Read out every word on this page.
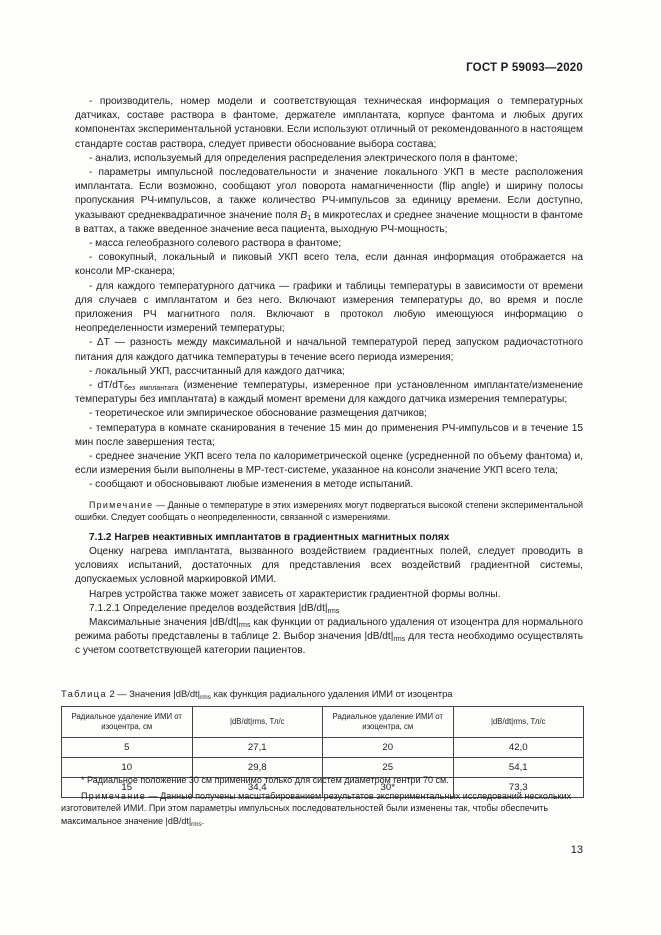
ГОСТ Р 59093—2020

- производитель, номер модели и соответствующая техническая информация о температурных датчиках, составе раствора в фантоме, держателе имплантата, корпусе фантома и любых других компонентах экспериментальной установки. Если используют отличный от рекомендованного в настоящем стандарте состав раствора, следует привести обоснование выбора состава;

- анализ, используемый для определения распределения электрического поля в фантоме;

- параметры импульсной последовательности и значение локального УКП в месте расположения имплантата. Если возможно, сообщают угол поворота намагниченности (flip angle) и ширину полосы пропускания РЧ-импульсов, а также количество РЧ-импульсов за единицу времени. Если доступно, указывают среднеквадратичное значение поля $B_1$ в микротеслах и среднее значение мощности в фантоме в ваттах, а также введенное значение веса пациента, выходную РЧ-мощность;

- масса гелеобразного солевого раствора в фантоме;

- совокупный, локальный и пиковый УКП всего тела, если данная информация отображается на консоли МР-сканера;

- для каждого температурного датчика — графики и таблицы температуры в зависимости от времени для случаев с имплантатом и без него. Включают измерения температуры до, во время и после приложения РЧ магнитного поля. Включают в протокол любую имеющуюся информацию о неопределенности измерений температуры;

- ΔT — разность между максимальной и начальной температурой перед запуском радиочастотного питания для каждого датчика температуры в течение всего периода измерения;

- локальный УКП, рассчитанный для каждого датчика;

- $dT/dT_{без имплантата}$ (изменение температуры, измеренное при установленном имплантате/изменение температуры без имплантата) в каждый момент времени для каждого датчика измерения температуры;

- теоретическое или эмпирическое обоснование размещения датчиков;

- температура в комнате сканирования в течение 15 мин до применения РЧ-импульсов и в течение 15 мин после завершения теста;

- среднее значение УКП всего тела по калориметрической оценке (усредненной по объему фантома) и, если измерения были выполнены в МР-тест-системе, указанное на консоли значение УКП всего тела;

- сообщают и обосновывают любые изменения в методе испытаний.

Примечание — Данные о температуре в этих измерениях могут подвергаться высокой степени экспериментальной ошибки. Следует сообщать о неопределенности, связанной с измерениями.

7.1.2 Нагрев неактивных имплантатов в градиентных магнитных полях

Оценку нагрева имплантата, вызванного воздействием градиентных полей, следует проводить в условиях испытаний, достаточных для представления всех воздействий градиентной системы, допускаемых условной маркировкой ИМИ.

Нагрев устройства также может зависеть от характеристик градиентной формы волны.

7.1.2.1 Определение пределов воздействия $|dB/dt|_{rms}$

Максимальные значения $|dB/dt|_{rms}$ как функции от радиального удаления от изоцентра для нормального режима работы представлены в таблице 2. Выбор значения $|dB/dt|_{rms}$ для теста необходимо осуществлять с учетом соответствующей категории пациентов.

Таблица 2 — Значения $|dB/dt|_{rms}$ как функция радиального удаления ИМИ от изоцентра
Радиальное удаление ИМИ от изоцентра, см	|dB/dt|rms, Тл/с	Радиальное удаление ИМИ от изоцентра, см	|dB/dt|rms, Тл/с
5	27,1	20	42,0
10	29,8	25	54,1
15	34,4	30*	73,3

* Радиальное положение 30 см применимо только для систем диаметром гентри 70 см.

Примечание — Данные получены масштабированием результатов экспериментальных исследований нескольких изготовителей ИМИ. При этом параметры импульсных последовательностей были изменены так, чтобы обеспечить максимальное значение $|dB/dt|_{rms}$.

13
